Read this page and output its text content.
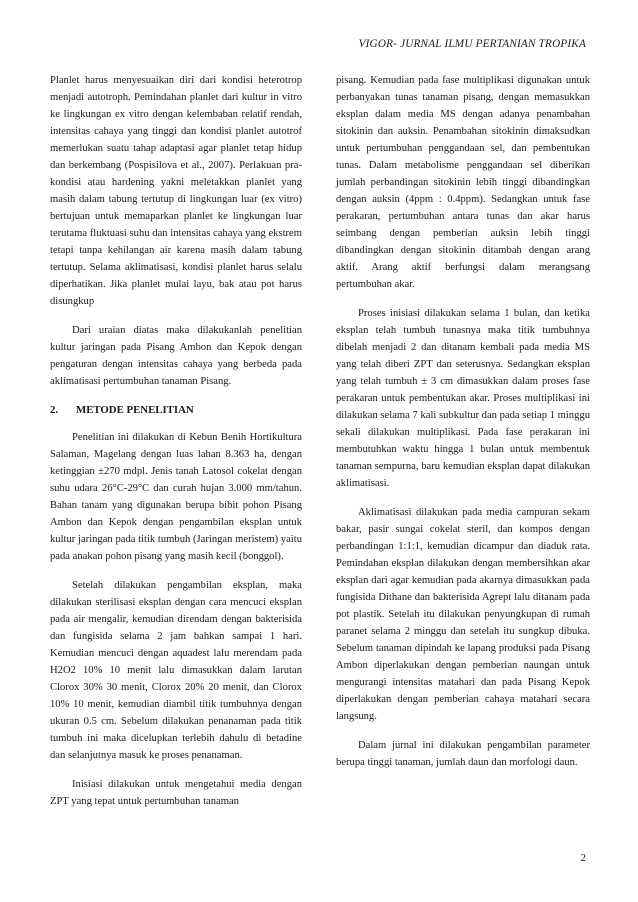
VIGOR- JURNAL ILMU PERTANIAN TROPIKA

Planlet harus menyesuaikan diri dari kondisi heterotrop menjadi autotroph. Pemindahan planlet dari kultur in vitro ke lingkungan ex vitro dengan kelembaban relatif rendah, intensitas cahaya yang tinggi dan kondisi planlet autotrof memerlukan suatu tahap adaptasi agar planlet tetap hidup dan berkembang (Pospisilova et al., 2007). Perlakuan pra-kondisi atau hardening yakni meletakkan planlet yang masih dalam tabung tertutup di lingkungan luar (ex vitro) bertujuan untuk memaparkan planlet ke lingkungan luar terutama fluktuasi suhu dan intensitas cahaya yang ekstrem tetapi tanpa kehilangan air karena masih dalam tabung tertutup. Selama aklimatisasi, kondisi planlet harus selalu diperhatikan. Jika planlet mulai layu, bak atau pot harus disungkup

Dari uraian diatas maka dilakukanlah penelitian kultur jaringan pada Pisang Ambon dan Kepok dengan pengaturan dengan intensitas cahaya yang berbeda pada aklimatisasi pertumbuhan tanaman Pisang.

2. METODE PENELITIAN

Penelitian ini dilakukan di Kebun Benih Hortikultura Salaman, Magelang dengan luas lahan 8.363 ha, dengan ketinggian ±270 mdpl. Jenis tanah Latosol cokelat dengan suhu udara 26°C-29°C dan curah hujan 3.000 mm/tahun. Bahan tanam yang digunakan berupa bibit pohon Pisang Ambon dan Kepok dengan pengambilan eksplan untuk kultur jaringan pada titik tumbuh (Jaringan meristem) yaitu pada anakan pohon pisang yang masih kecil (bonggol).

Setelah dilakukan pengambilan eksplan, maka dilakukan sterilisasi eksplan dengan cara mencuci eksplan pada air mengalir, kemudian direndam dengan bakterisida dan fungisida selama 2 jam bahkan sampai 1 hari. Kemudian mencuci dengan aquadest lalu merendam pada H2O2 10% 10 menit lalu dimasukkan dalam larutan Clorox 30% 30 menit, Clorox 20% 20 menit, dan Clorox 10% 10 menit, kemudian diambil titik tumbuhnya dengan ukuran 0.5 cm. Sebelum dilakukan penanaman pada titik tumbuh ini maka dicelupkan terlebih dahulu di betadine dan selanjutnya masuk ke proses penanaman.

Inisiasi dilakukan untuk mengetahui media dengan ZPT yang tepat untuk pertumbuhan tanaman

pisang. Kemudian pada fase multiplikasi digunakan untuk perbanyakan tunas tanaman pisang, dengan memasukkan eksplan dalam media MS dengan adanya penambahan sitokinin dan auksin. Penambahan sitokinin dimaksudkan untuk pertumbuhan penggandaan sel, dan pembentukan tunas. Dalam metabolisme penggandaan sel diberikan jumlah perbandingan sitokinin lebih tinggi dibandingkan dengan auksin (4ppm : 0.4ppm). Sedangkan untuk fase perakaran, pertumbuhan antara tunas dan akar harus seimbang dengan pemberian auksin lebih tinggi dibandingkan dengan sitokinin ditambah dengan arang aktif. Arang aktif berfungsi dalam merangsang pertumbuhan akar.

Proses inisiasi dilakukan selama 1 bulan, dan ketika eksplan telah tumbuh tunasnya maka titik tumbuhnya dibelah menjadi 2 dan ditanam kembali pada media MS yang telah diberi ZPT dan seterusnya. Sedangkan eksplan yang telah tumbuh ± 3 cm dimasukkan dalam proses fase perakaran untuk pembentukan akar. Proses multiplikasi ini dilakukan selama 7 kali subkultur dan pada setiap 1 minggu sekali dilakukan multiplikasi. Pada fase perakaran ini membutuhkan waktu hingga 1 bulan untuk membentuk tanaman sempurna, baru kemudian eksplan dapat dilakukan aklimatisasi.

Aklimatisasi dilakukan pada media campuran sekam bakar, pasir sungai cokelat steril, dan kompos dengan perbandingan 1:1:1, kemudian dicampur dan diaduk rata. Pemindahan eksplan dilakukan dengan membersihkan akar eksplan dari agar kemudian pada akarnya dimasukkan pada fungisida Dithane dan bakterisida Agrept lalu ditanam pada pot plastik. Setelah itu dilakukan penyungkupan di rumah paranet selama 2 minggu dan setelah itu sungkup dibuka. Sebelum tanaman dipindah ke lapang produksi pada Pisang Ambon diperlakukan dengan pemberian naungan untuk mengurangi intensitas matahari dan pada Pisang Kepok diperlakukan dengan pemberian cahaya matahari secara langsung.

Dalam jurnal ini dilakukan pengambilan parameter berupa tinggi tanaman, jumlah daun dan morfologi daun.

2
